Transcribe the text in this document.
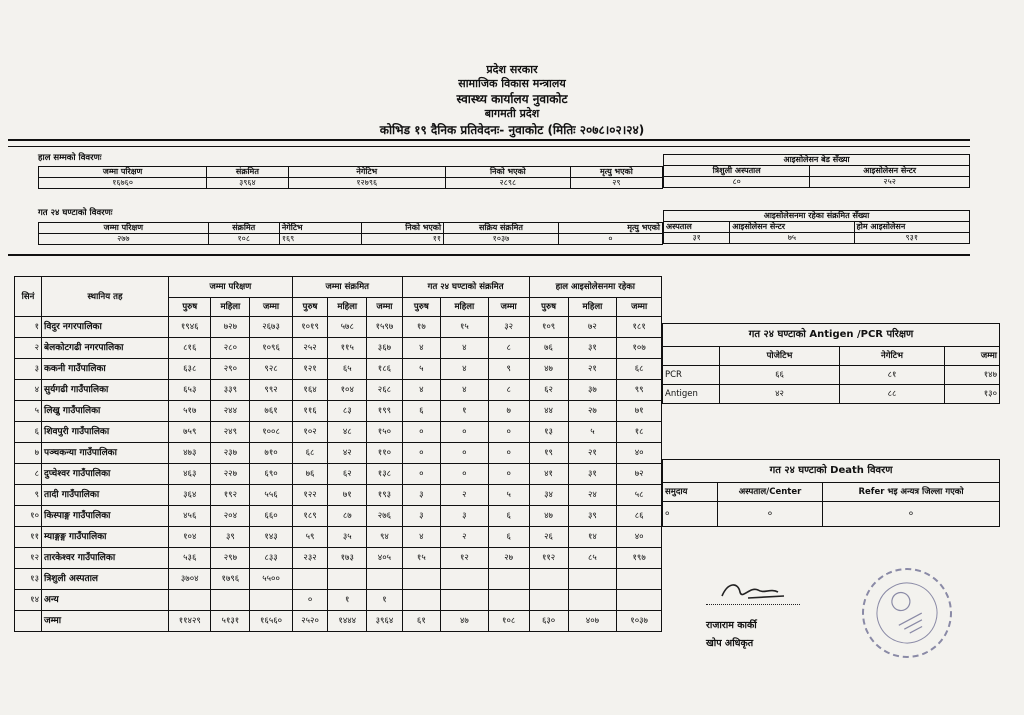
प्रदेश सरकार
सामाजिक विकास मन्त्रालय
स्वास्थ्य कार्यालय नुवाकोट
बागमती प्रदेश
कोभिड १९ दैनिक प्रतिवेदनः- नुवाकोट (मितिः २०७८।०२।२४)
हाल सम्मको विवरणः
जम्मा परिक्षण	संक्रमित	नेगेटिभ	निको भएको	मृत्यु भएको
१६७६०	३९६४	१२७९६	२८९८	२९
आइसोलेसन बेड सँख्या	
त्रिशुली अस्पताल	आइसोलेसन सेन्टर
८०	२५२
गत २४ घण्टाको विवरणः
जम्मा परिक्षण	संक्रमित	नेगेटिभ	निको भएको	सक्रिय संक्रमित	मृत्यु भएको
२७७	१०८	१६९	११	१०३७	०
आइसोलेसनमा रहेका संक्रमित सँख्या		
अस्पताल	आइसोलेसन सेन्टर	होम आइसोलेसन
३१	७५	९३१
सिनं	स्थानिय तह	जम्मा परिक्षण			जम्मा संक्रमित			गत २४ घण्टाको संक्रमित			हाल आइसोलेसनमा रहेका		
		पुरुष	महिला	जम्मा	पुरुष	महिला	जम्मा	पुरुष	महिला	जम्मा	पुरुष	महिला	जम्मा
१	विदुर नगरपालिका	१९४६	७२७	२६७३	१०१९	५७८	१५९७	१७	१५	३२	१०९	७२	१८१
२	बेलकोटगढी नगरपालिका	८१६	२८०	१०९६	२५२	११५	३६७	४	४	८	७६	३१	१०७
३	ककनी गाउँपालिका	६३८	२९०	९२८	१२१	६५	१८६	५	४	९	४७	२१	६८
४	सुर्यगढी गाउँपालिका	६५३	३३९	९९२	१६४	१०४	२६८	४	४	८	६२	३७	९९
५	लिखु गाउँपालिका	५१७	२४४	७६१	११६	८३	१९९	६	१	७	४४	२७	७१
६	शिवपुरी गाउँपालिका	७५९	२४९	१००८	१०२	४८	१५०	०	०	०	१३	५	१८
७	पञ्चकन्या गाउँपालिका	४७३	२३७	७१०	६८	४२	११०	०	०	०	१९	२१	४०
८	दुप्चेश्वर गाउँपालिका	४६३	२२७	६९०	७६	६२	१३८	०	०	०	४१	३१	७२
९	तादी गाउँपालिका	३६४	१९२	५५६	१२२	७१	१९३	३	२	५	३४	२४	५८
१०	किस्पाङ्ग गाउँपालिका	४५६	२०४	६६०	१८९	८७	२७६	३	३	६	४७	३९	८६
११	म्याङ्गङ्ग गाउँपालिका	१०४	३९	१४३	५९	३५	९४	४	२	६	२६	१४	४०
१२	तारकेश्वर गाउँपालिका	५३६	२९७	८३३	२३२	१७३	४०५	१५	१२	२७	११२	८५	१९७
१३	त्रिशुली अस्पताल	३७०४	१७९६	५५००									
१४	अन्य				०	१	१						
	जम्मा	११४२९	५१३१	१६५६०	२५२०	१४४४	३९६४	६१	४७	१०८	६३०	४०७	१०३७
गत २४ घण्टाको Antigen /PCR परिक्षण			
	पोजेटिभ	नेगेटिभ	जम्मा
PCR	६६	८१	१४७
Antigen	४२	८८	१३०
गत २४ घण्टाको Death विवरण		
समुदाय	अस्पताल/Center	Refer भइ अन्यत्र जिल्ला गएको
०	०	०
राजाराम कार्की
खोप अधिकृत
